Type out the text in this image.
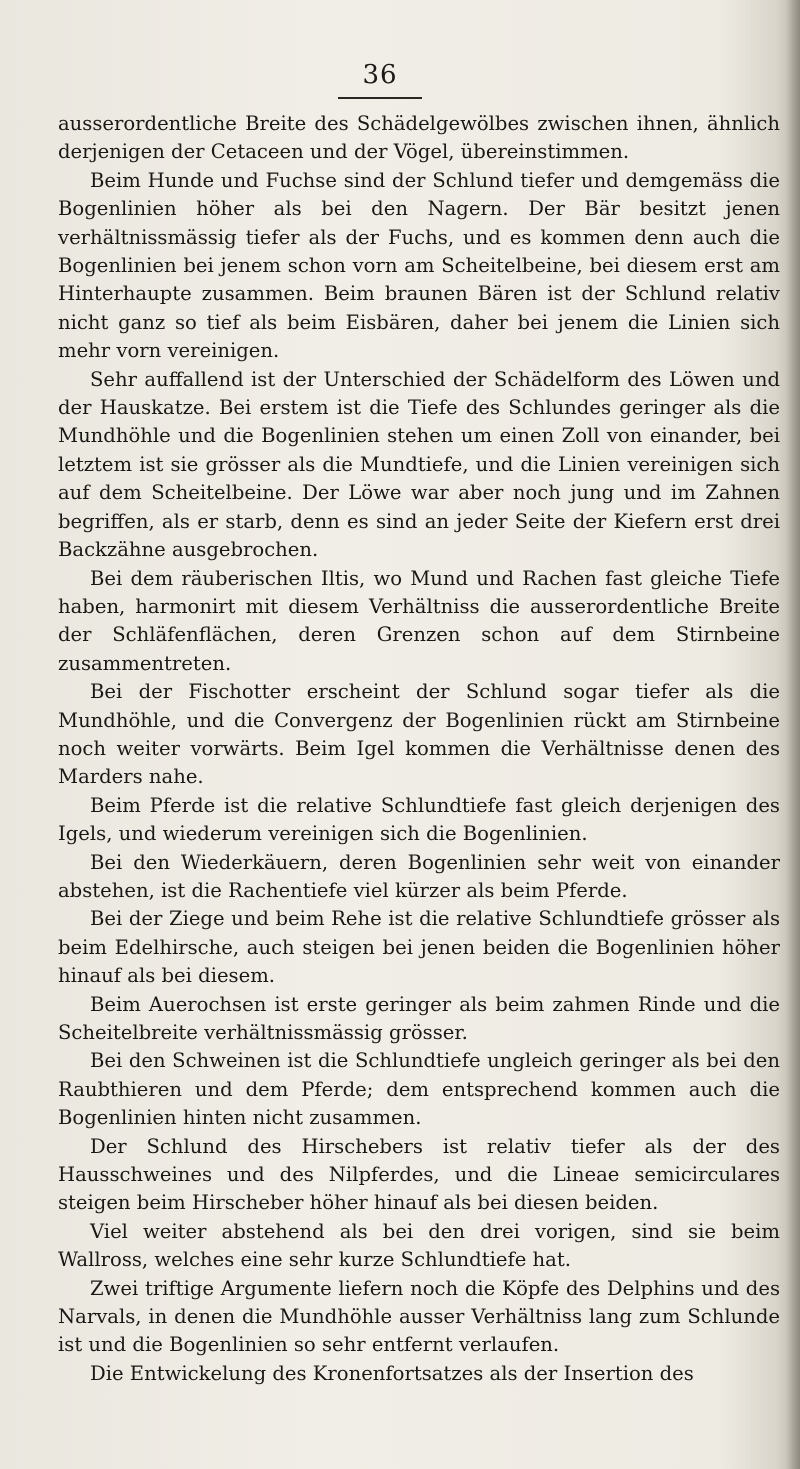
36

ausserordentliche Breite des Schädelgewölbes zwischen ihnen, ähnlich derjenigen der Cetaceen und der Vögel, übereinstimmen.

Beim Hunde und Fuchse sind der Schlund tiefer und demgemäss die Bogenlinien höher als bei den Nagern. Der Bär besitzt jenen verhältnissmässig tiefer als der Fuchs, und es kommen denn auch die Bogenlinien bei jenem schon vorn am Scheitelbeine, bei diesem erst am Hinterhaupte zusammen. Beim braunen Bären ist der Schlund relativ nicht ganz so tief als beim Eisbären, daher bei jenem die Linien sich mehr vorn vereinigen.

Sehr auffallend ist der Unterschied der Schädelform des Löwen und der Hauskatze. Bei erstem ist die Tiefe des Schlundes geringer als die Mundhöhle und die Bogenlinien stehen um einen Zoll von einander, bei letztem ist sie grösser als die Mundtiefe, und die Linien vereinigen sich auf dem Scheitelbeine. Der Löwe war aber noch jung und im Zahnen begriffen, als er starb, denn es sind an jeder Seite der Kiefern erst drei Backzähne ausgebrochen.

Bei dem räuberischen Iltis, wo Mund und Rachen fast gleiche Tiefe haben, harmonirt mit diesem Verhältniss die ausserordentliche Breite der Schläfenflächen, deren Grenzen schon auf dem Stirnbeine zusammentreten.

Bei der Fischotter erscheint der Schlund sogar tiefer als die Mundhöhle, und die Convergenz der Bogenlinien rückt am Stirnbeine noch weiter vorwärts. Beim Igel kommen die Verhältnisse denen des Marders nahe.

Beim Pferde ist die relative Schlundtiefe fast gleich derjenigen des Igels, und wiederum vereinigen sich die Bogenlinien.

Bei den Wiederkäuern, deren Bogenlinien sehr weit von einander abstehen, ist die Rachentiefe viel kürzer als beim Pferde.

Bei der Ziege und beim Rehe ist die relative Schlundtiefe grösser als beim Edelhirsche, auch steigen bei jenen beiden die Bogenlinien höher hinauf als bei diesem.

Beim Auerochsen ist erste geringer als beim zahmen Rinde und die Scheitelbreite verhältnissmässig grösser.

Bei den Schweinen ist die Schlundtiefe ungleich geringer als bei den Raubthieren und dem Pferde; dem entsprechend kommen auch die Bogenlinien hinten nicht zusammen.

Der Schlund des Hirschebers ist relativ tiefer als der des Hausschweines und des Nilpferdes, und die Lineae semicirculares steigen beim Hirscheber höher hinauf als bei diesen beiden.

Viel weiter abstehend als bei den drei vorigen, sind sie beim Wallross, welches eine sehr kurze Schlundtiefe hat.

Zwei triftige Argumente liefern noch die Köpfe des Delphins und des Narvals, in denen die Mundhöhle ausser Verhältniss lang zum Schlunde ist und die Bogenlinien so sehr entfernt verlaufen.

Die Entwickelung des Kronenfortsatzes als der Insertion des
